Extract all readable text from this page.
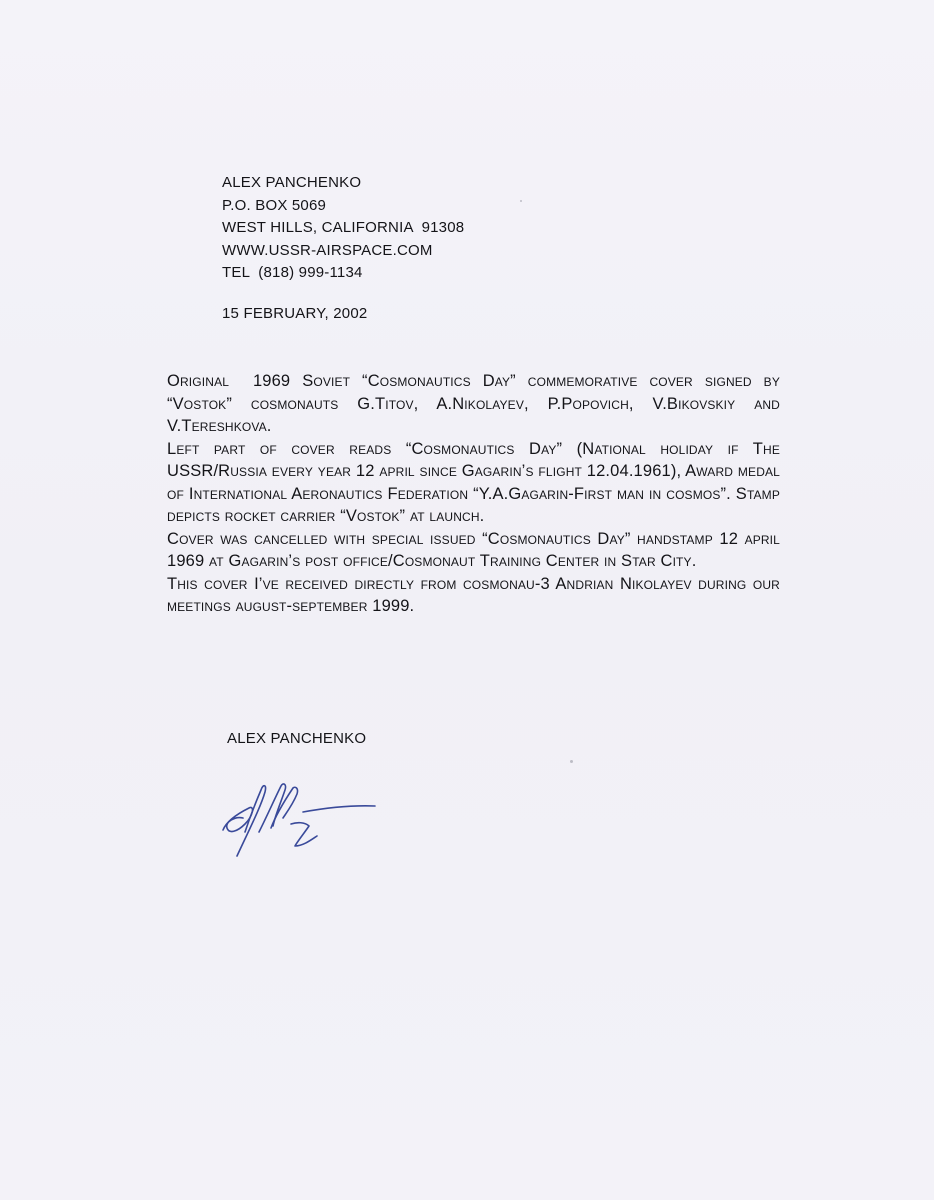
ALEX PANCHENKO
P.O. BOX 5069
WEST HILLS, CALIFORNIA  91308
WWW.USSR-AIRSPACE.COM
TEL  (818) 999-1134
15 FEBRUARY, 2002

Original  1969 Soviet “Cosmonautics Day” commemorative cover signed by “Vostok” cosmonauts G.Titov, A.Nikolayev, P.Popovich, V.Bikovskiy and V.Tereshkova.

Left part of cover reads “Cosmonautics Day” (National holiday if The USSR/Russia every year 12 april since Gagarin’s flight 12.04.1961), Award medal of International Aeronautics Federation “Y.A.Gagarin-First man in cosmos”. Stamp depicts rocket carrier “Vostok” at launch.

Cover was cancelled with special issued “Cosmonautics Day” handstamp 12 april 1969 at Gagarin’s post office/Cosmonaut Training Center in Star City.

This cover I’ve received directly from cosmonau-3 Andrian Nikolayev during our meetings august-september 1999.

ALEX PANCHENKO
